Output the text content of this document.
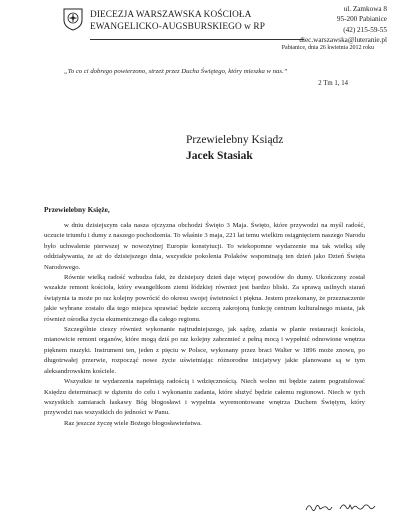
DIECEZJA WARSZAWSKA KOŚCIOŁA
EWANGELICKO-AUGSBURSKIEGO w RP
ul. Zamkowa 8
95-200 Pabianice
(42) 215-59-55
diec.warszawska@luteranie.pl
Pabianice, dnia 26 kwietnia 2012 roku
„To co ci dobrego powierzono, strzeż przez Ducha Świętego, który mieszka w nas.”
2 Tm 1, 14
Przewielebny Ksiądz
Jacek Stasiak
Przewielebny Księże,

w dniu dzisiejszym cała nasza ojczyzna obchodzi Święto 3 Maja. Święto, które przywodzi na myśl radość, uczucie triumfu i dumy z naszego pochodzenia. To właśnie 3 maja, 221 lat temu wielkim osiągnięciem naszego Narodu było uchwalenie pierwszej w nowożytnej Europie konstytucji. To wiekopomne wydarzenie ma tak wielką siłę oddziaływania, że aż do dzisiejszego dnia, wszystkie pokolenia Polaków wspominają ten dzień jako Dzień Święta Narodowego.

Równie wielką radość wzbudza fakt, że dzisiejszy dzień daje więcej powodów do dumy. Ukończony został wszakże remont kościoła, który ewangelikom ziemi łódzkiej również jest bardzo bliski. Za sprawą usilnych starań świątynia ta może po raz kolejny powrócić do okresu swojej świetności i piękna. Jestem przekonany, że przeznaczenie jakie wybrane zostało dla tego miejsca sprawiać będzie szczerą zakrojoną funkcję centrum kulturalnego miasta, jak również ośrodka życia ekumenicznego dla całego regionu.

Szczególnie cieszy również wykonanie najtrudniejszego, jak sądzę, zdania w planie restauracji kościoła, mianowicie remont organów, które mogą dziś po raz kolejny zabrzmieć z pełną mocą i wypełnić odnowione wnętrza pięknem muzyki. Instrument ten, jeden z pięciu w Polsce, wykonany przez braci Walter w 1896 może znowu, po długotrwałej przerwie, rozpocząć nowe życie uświetniając różnorodne inicjatywy jakie planowane są w tym aleksandrowskim kościele.

Wszystkie te wydarzenia napełniają radością i wdzięcznością. Niech wolno mi będzie zatem pogratulować Księdzu determinacji w dążeniu do celu i wykonaniu zadania, które służyć będzie całemu regionowi. Niech w tych wszystkich zamiarach łaskawy Bóg błogosławi i wypełnia wyremontowane wnętrza Duchem Świętym, który przywodzi nas wszystkich do jedności w Panu.

Raz jeszcze życzę wiele Bożego błogosławieństwa.
